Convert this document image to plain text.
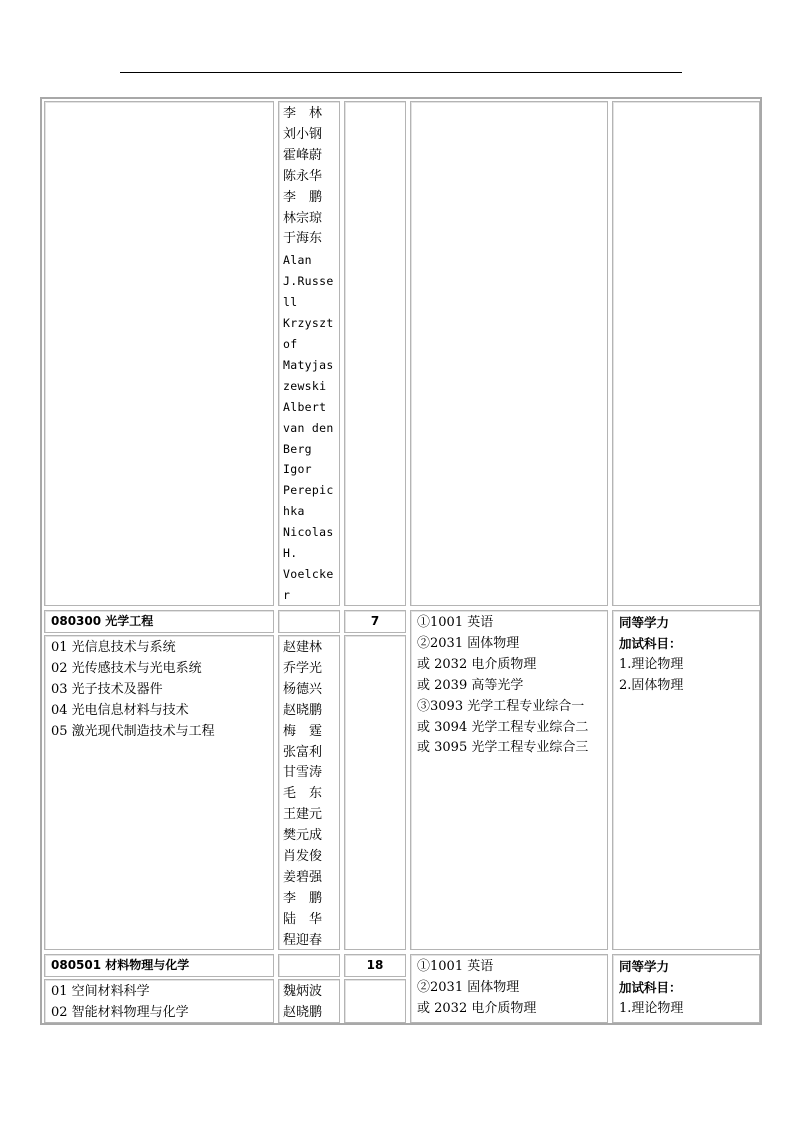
李　林
刘小钢
霍峰蔚
陈永华
李　鹏
林宗琼
于海东
Alan
J.Russe
ll
Krzyszt
of
Matyjas
zewski
Albert
van den
Berg
Igor
Perepic
hka
Nicolas
H.
Voelcke
r
080300 光学工程	7
01 光信息技术与系统
02 光传感技术与光电系统
03 光子技术及器件
04 光电信息材料与技术
05 激光现代制造技术与工程
赵建林
乔学光
杨德兴
赵晓鹏
梅　霆
张富利
甘雪涛
毛　东
王建元
樊元成
肖发俊
姜碧强
李　鹏
陆　华
程迎春
①1001 英语
②2031 固体物理
或 2032 电介质物理
或 2039 高等光学
③3093 光学工程专业综合一
或 3094 光学工程专业综合二
或 3095 光学工程专业综合三
同等学力
加试科目：
1.理论物理
2.固体物理
080501 材料物理与化学	18
01 空间材料科学
02 智能材料物理与化学
魏炳波
赵晓鹏
①1001 英语
②2031 固体物理
或 2032 电介质物理
同等学力
加试科目：
1.理论物理
